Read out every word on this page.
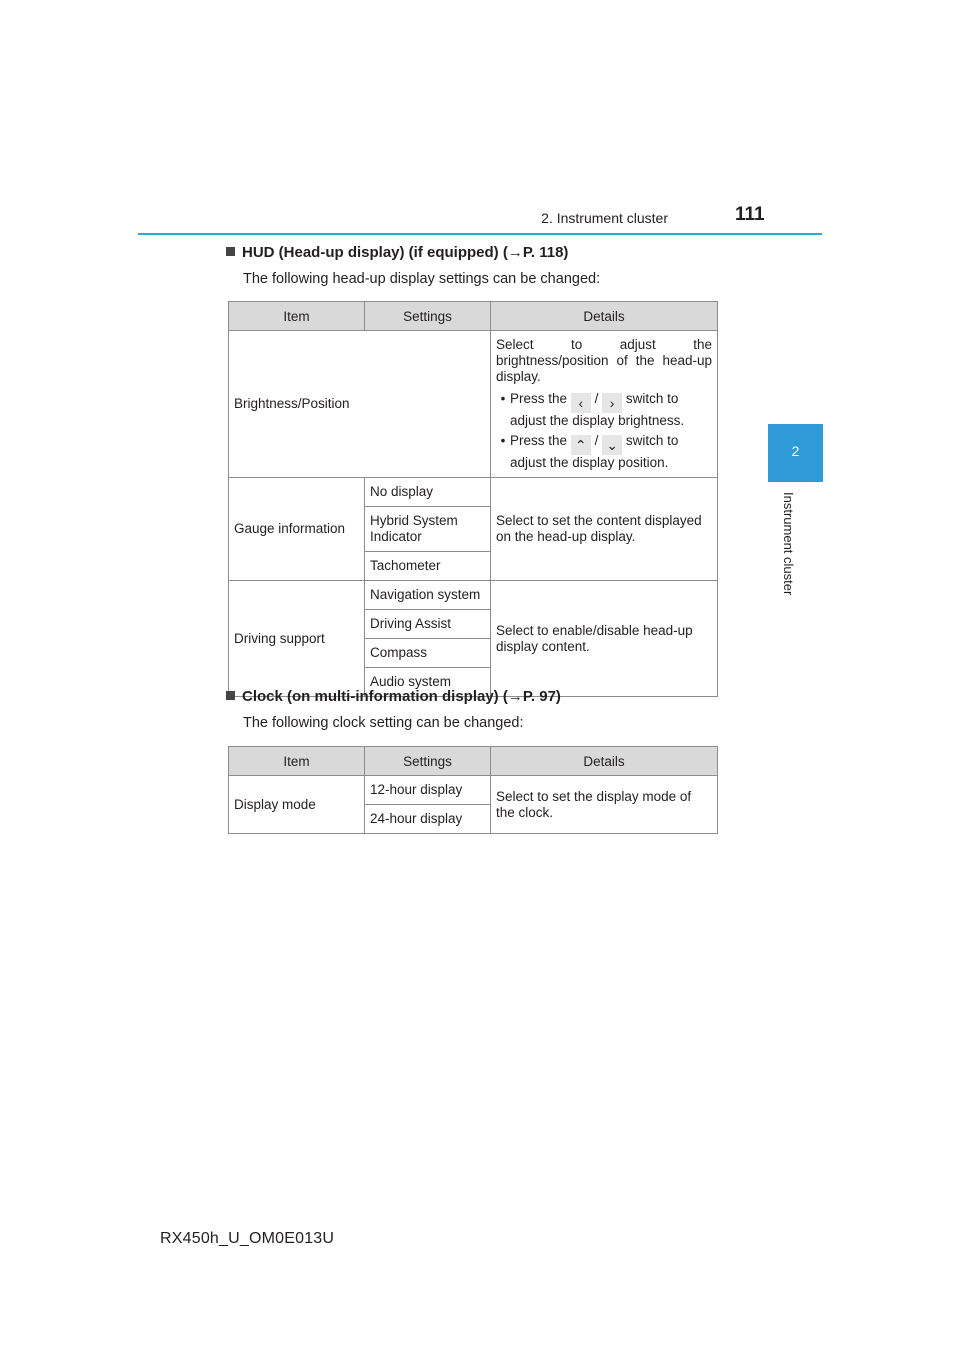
2. Instrument cluster	111
2
Instrument cluster
HUD (Head-up display) (if equipped) (→P. 118)
The following head-up display settings can be changed:
Item	Settings	Details
Brightness/Position		Select to adjust the brightness/position of the head-up display.

• Press the ‹ / › switch to adjust the display brightness.
• Press the ⌃ / ⌄ switch to adjust the display position.

Gauge information	No display	Select to set the content displayed on the head-up display.
	Hybrid System Indicator	
	Tachometer	
Driving support	Navigation system	Select to enable/disable head-up display content.
	Driving Assist	
	Compass	
	Audio system	
Clock (on multi-information display) (→P. 97)
The following clock setting can be changed:
Item	Settings	Details
Display mode	12-hour display	Select to set the display mode of the clock.
	24-hour display	
RX450h_U_OM0E013U
